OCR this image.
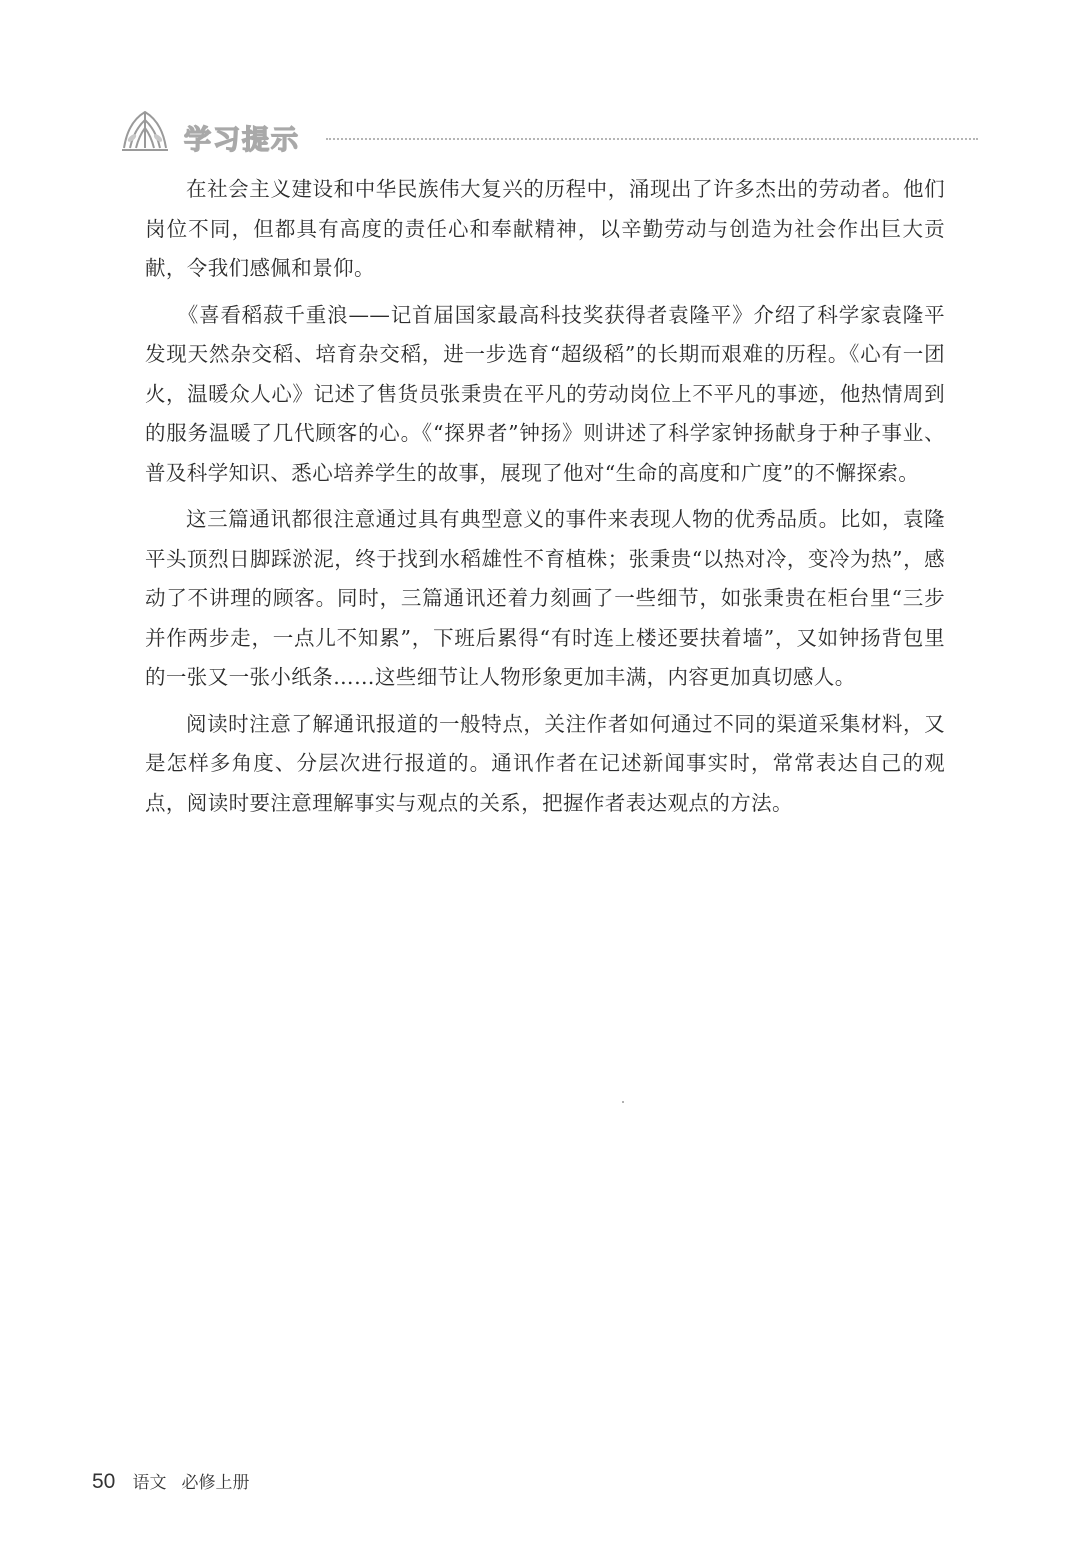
学习提示

在社会主义建设和中华民族伟大复兴的历程中，涌现出了许多杰出的劳动者。他们岗位不同，但都具有高度的责任心和奉献精神，以辛勤劳动与创造为社会作出巨大贡献，令我们感佩和景仰。

《喜看稻菽千重浪——记首届国家最高科技奖获得者袁隆平》介绍了科学家袁隆平发现天然杂交稻、培育杂交稻，进一步选育“超级稻”的长期而艰难的历程。《心有一团火，温暖众人心》记述了售货员张秉贵在平凡的劳动岗位上不平凡的事迹，他热情周到的服务温暖了几代顾客的心。《“探界者”钟扬》则讲述了科学家钟扬献身于种子事业、普及科学知识、悉心培养学生的故事，展现了他对“生命的高度和广度”的不懈探索。

这三篇通讯都很注意通过具有典型意义的事件来表现人物的优秀品质。比如，袁隆平头顶烈日脚踩淤泥，终于找到水稻雄性不育植株；张秉贵“以热对冷，变冷为热”，感动了不讲理的顾客。同时，三篇通讯还着力刻画了一些细节，如张秉贵在柜台里“三步并作两步走，一点儿不知累”，下班后累得“有时连上楼还要扶着墙”，又如钟扬背包里的一张又一张小纸条……这些细节让人物形象更加丰满，内容更加真切感人。

阅读时注意了解通讯报道的一般特点，关注作者如何通过不同的渠道采集材料，又是怎样多角度、分层次进行报道的。通讯作者在记述新闻事实时，常常表达自己的观点，阅读时要注意理解事实与观点的关系，把握作者表达观点的方法。

50 语文 必修上册
